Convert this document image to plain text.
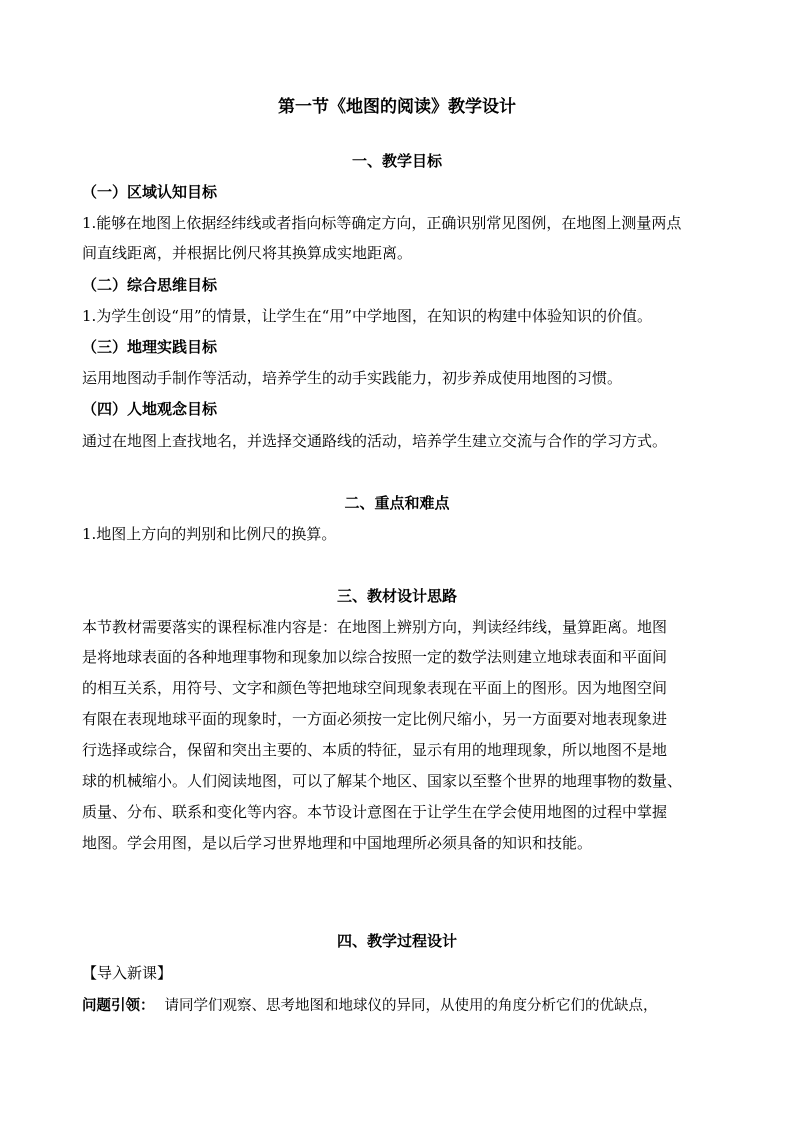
第一节《地图的阅读》教学设计
一、教学目标
（一）区域认知目标
1.能够在地图上依据经纬线或者指向标等确定方向，正确识别常见图例，在地图上测量两点
间直线距离，并根据比例尺将其换算成实地距离。
（二）综合思维目标
1.为学生创设“用”的情景，让学生在“用”中学地图，在知识的构建中体验知识的价值。
（三）地理实践目标
运用地图动手制作等活动，培养学生的动手实践能力，初步养成使用地图的习惯。
（四）人地观念目标
通过在地图上查找地名，并选择交通路线的活动，培养学生建立交流与合作的学习方式。
二、重点和难点
1.地图上方向的判别和比例尺的换算。
三、教材设计思路
本节教材需要落实的课程标准内容是：在地图上辨别方向，判读经纬线，量算距离。地图
是将地球表面的各种地理事物和现象加以综合按照一定的数学法则建立地球表面和平面间
的相互关系，用符号、文字和颜色等把地球空间现象表现在平面上的图形。因为地图空间
有限在表现地球平面的现象时，一方面必须按一定比例尺缩小，另一方面要对地表现象进
行选择或综合，保留和突出主要的、本质的特征，显示有用的地理现象，所以地图不是地
球的机械缩小。人们阅读地图，可以了解某个地区、国家以至整个世界的地理事物的数量、
质量、分布、联系和变化等内容。本节设计意图在于让学生在学会使用地图的过程中掌握
地图。学会用图，是以后学习世界地理和中国地理所必须具备的知识和技能。
四、教学过程设计
【导入新课】
问题引领： 请同学们观察、思考地图和地球仪的异同，从使用的角度分析它们的优缺点，
